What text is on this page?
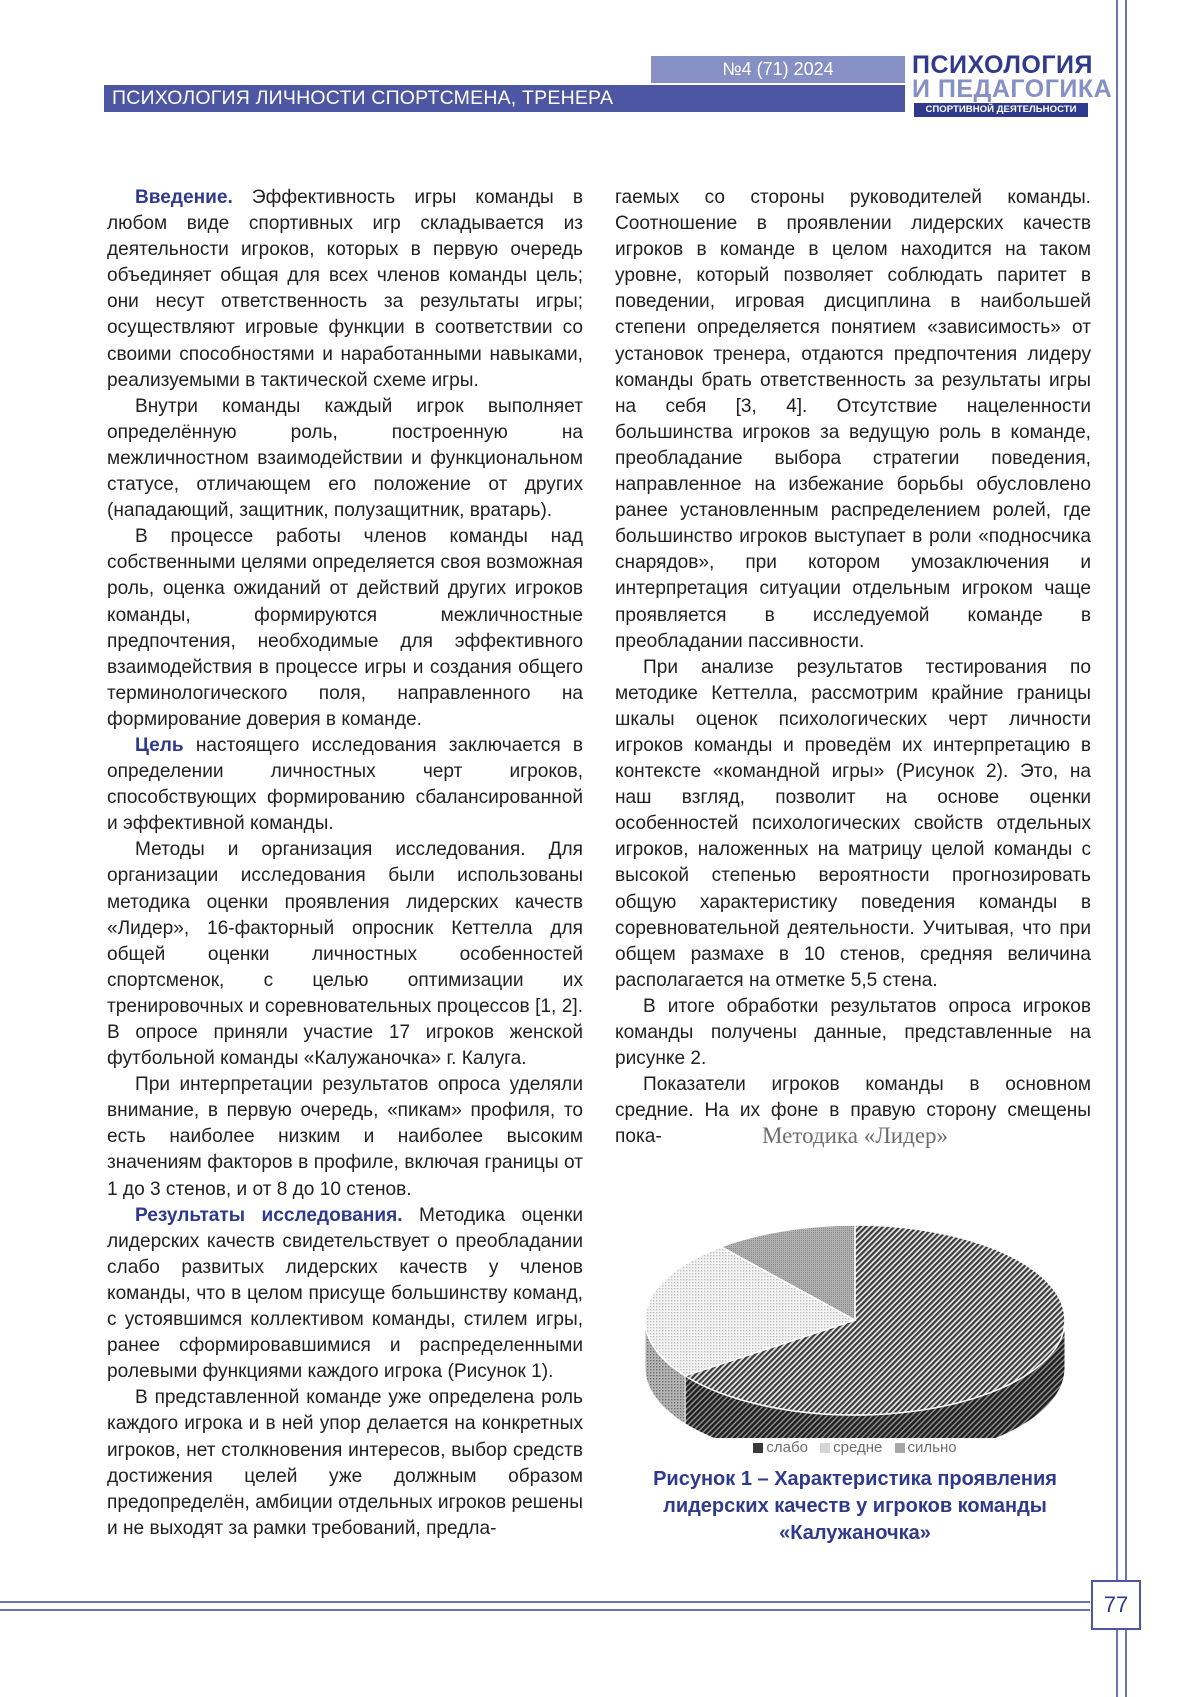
№4 (71) 2024
ПСИХОЛОГИЯ ЛИЧНОСТИ СПОРТСМЕНА, ТРЕНЕРА
ПСИХОЛОГИЯ
И ПЕДАГОГИКА
СПОРТИВНОЙ ДЕЯТЕЛЬНОСТИ

Введение. Эффективность игры команды в любом виде спортивных игр складывается из деятельности игроков, которых в первую очередь объединяет общая для всех членов команды цель; они несут ответственность за результаты игры; осуществляют игровые функции в соответствии со своими способностями и наработанными навыками, реализуемыми в тактической схеме игры.

Внутри команды каждый игрок выполняет определённую роль, построенную на межличностном взаимодействии и функциональном статусе, отличающем его положение от других (нападающий, защитник, полузащитник, вратарь).

В процессе работы членов команды над собственными целями определяется своя возможная роль, оценка ожиданий от действий других игроков команды, формируются межличностные предпочтения, необходимые для эффективного взаимодействия в процессе игры и создания общего терминологического поля, направленного на формирование доверия в команде.

Цель настоящего исследования заключается в определении личностных черт игроков, способствующих формированию сбалансированной и эффективной команды.

Методы и организация исследования. Для организации исследования были использованы методика оценки проявления лидерских качеств «Лидер», 16-факторный опросник Кеттелла для общей оценки личностных особенностей спортсменок, с целью оптимизации их тренировочных и соревновательных процессов [1, 2]. В опросе приняли участие 17 игроков женской футбольной команды «Калужаночка» г. Калуга.

При интерпретации результатов опроса уделяли внимание, в первую очередь, «пикам» профиля, то есть наиболее низким и наиболее высоким значениям факторов в профиле, включая границы от 1 до 3 стенов, и от 8 до 10 стенов.

Результаты исследования. Методика оценки лидерских качеств свидетельствует о преобладании слабо развитых лидерских качеств у членов команды, что в целом присуще большинству команд, с устоявшимся коллективом команды, стилем игры, ранее сформировавшимися и распределенными ролевыми функциями каждого игрока (Рисунок 1).

В представленной команде уже определена роль каждого игрока и в ней упор делается на конкретных игроков, нет столкновения интересов, выбор средств достижения целей уже должным образом предопределён, амбиции отдельных игроков решены и не выходят за рамки требований, предла-

гаемых со стороны руководителей команды. Соотношение в проявлении лидерских качеств игроков в команде в целом находится на таком уровне, который позволяет соблюдать паритет в поведении, игровая дисциплина в наибольшей степени определяется понятием «зависимость» от установок тренера, отдаются предпочтения лидеру команды брать ответственность за результаты игры на себя [3, 4]. Отсутствие нацеленности большинства игроков за ведущую роль в команде, преобладание выбора стратегии поведения, направленное на избежание борьбы обусловлено ранее установленным распределением ролей, где большинство игроков выступает в роли «подносчика снарядов», при котором умозаключения и интерпретация ситуации отдельным игроком чаще проявляется в исследуемой команде в преобладании пассивности.

При анализе результатов тестирования по методике Кеттелла, рассмотрим крайние границы шкалы оценок психологических черт личности игроков команды и проведём их интерпретацию в контексте «командной игры» (Рисунок 2). Это, на наш взгляд, позволит на основе оценки особенностей психологических свойств отдельных игроков, наложенных на матрицу целой команды с высокой степенью вероятности прогнозировать общую характеристику поведения команды в соревновательной деятельности. Учитывая, что при общем размахе в 10 стенов, средняя величина располагается на отметке 5,5 стена.

В итоге обработки результатов опроса игроков команды получены данные, представленные на рисунке 2.

Показатели игроков команды в основном средние. На их фоне в правую сторону смещены пока-	Методика «Лидер»
слабо средне сильно
Рисунок 1 – Характеристика проявления лидерских качеств у игроков команды «Калужаночка»
77
